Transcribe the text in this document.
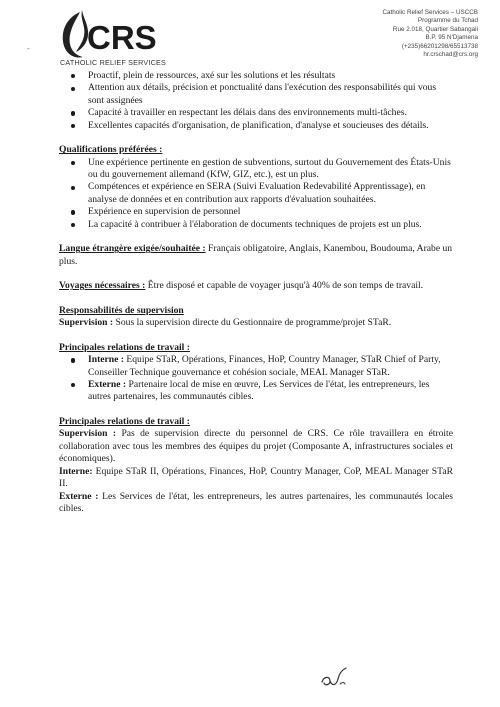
CRS
CATHOLIC RELIEF SERVICES
-
Catholic Relief Services – USCCB
Programme du Tchad
Rue 2.018, Quartier Sabangali
B.P. 95 N'Djamena
(+235)66201298/65513738
hr.crschad@crs.org
Proactif, plein de ressources, axé sur les solutions et les résultats
Attention aux détails, précision et ponctualité dans l'exécution des responsabilités qui vous sont assignées
Capacité à travailler en respectant les délais dans des environnements multi-tâches.
Excellentes capacités d'organisation, de planification, d'analyse et soucieuses des détails.
Qualifications préférées :
Une expérience pertinente en gestion de subventions, surtout du Gouvernement des États-Unis ou du gouvernement allemand (KfW, GIZ, etc.), est un plus.
Compétences et expérience en SERA (Suivi Evaluation Redevabilité Apprentissage), en analyse de données et en contribution aux rapports d'évaluation souhaitées.
Expérience en supervision de personnel
La capacité à contribuer à l'élaboration de documents techniques de projets est un plus.

Langue étrangère exigée/souhaitée : Français obligatoire, Anglais, Kanembou, Boudouma, Arabe un plus.

Voyages nécessaires : Être disposé et capable de voyager jusqu'à 40% de son temps de travail.

Responsabilités de supervision

Supervision : Sous la supervision directe du Gestionnaire de programme/projet STaR.

Principales relations de travail :
Interne : Equipe STaR, Opérations, Finances, HoP, Country Manager, STaR Chief of Party, Conseiller Technique gouvernance et cohésion sociale, MEAL Manager STaR.
Externe : Partenaire local de mise en œuvre, Les Services de l'état, les entrepreneurs, les autres partenaires, les communautés cibles.
Principales relations de travail :

Supervision : Pas de supervision directe du personnel de CRS. Ce rôle travaillera en étroite collaboration avec tous les membres des équipes du projet (Composante A, infrastructures sociales et économiques).

Interne: Equipe STaR II, Opérations, Finances, HoP, Country Manager, CoP, MEAL Manager STaR II.

Externe : Les Services de l'état, les entrepreneurs, les autres partenaires, les communautés locales cibles.
